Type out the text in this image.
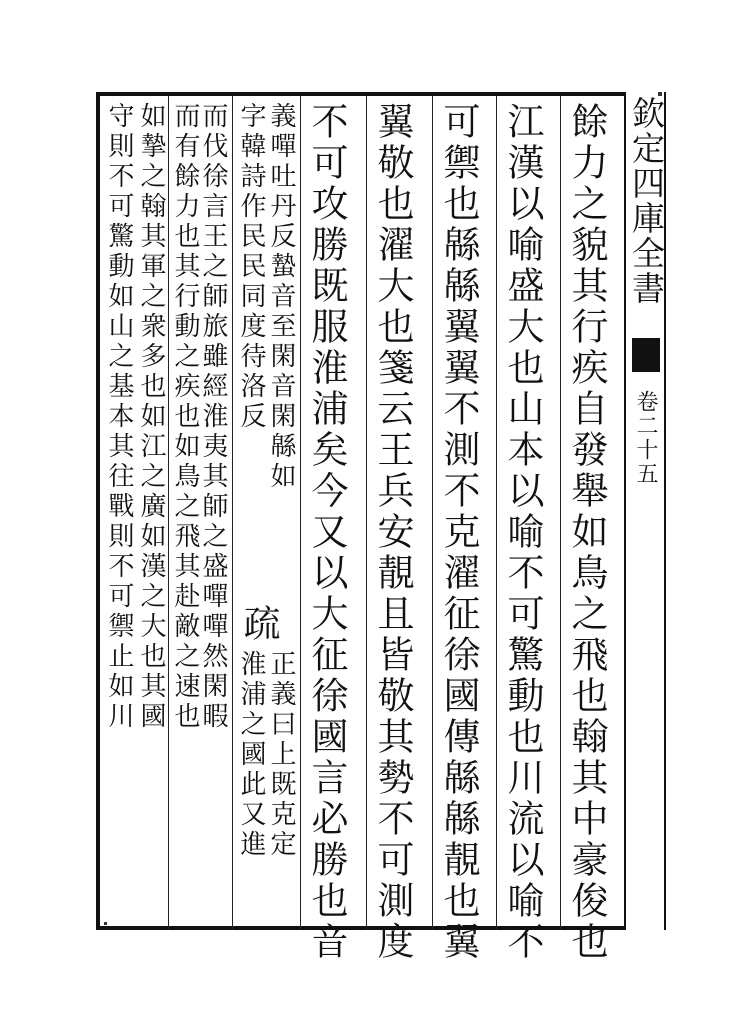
餘力之貌其行疾自發舉如鳥之飛也翰其中豪俊也
江漢以喻盛大也山本以喻不可驚動也川流以喻不
可禦也緜緜翼翼不測不克濯征徐國傳緜緜靚也翼
翼敬也濯大也箋云王兵安靚且皆敬其勢不可測度
不可攻勝既服淮浦矣今又以大征徐國言必勝也音
義嘽吐丹反蟄音至閑音閑緜如
字韓詩作民民同度待洛反
疏
正義曰上既克定
淮浦之國此又進
而伐徐言王之師旅雖經淮夷其師之盛嘽嘽然閑暇
而有餘力也其行動之疾也如鳥之飛其赴敵之速也
如摯之翰其軍之衆多也如江之廣如漢之大也其國
守則不可驚動如山之基本其往戰則不可禦止如川	欽定四庫全書
卷二十五
